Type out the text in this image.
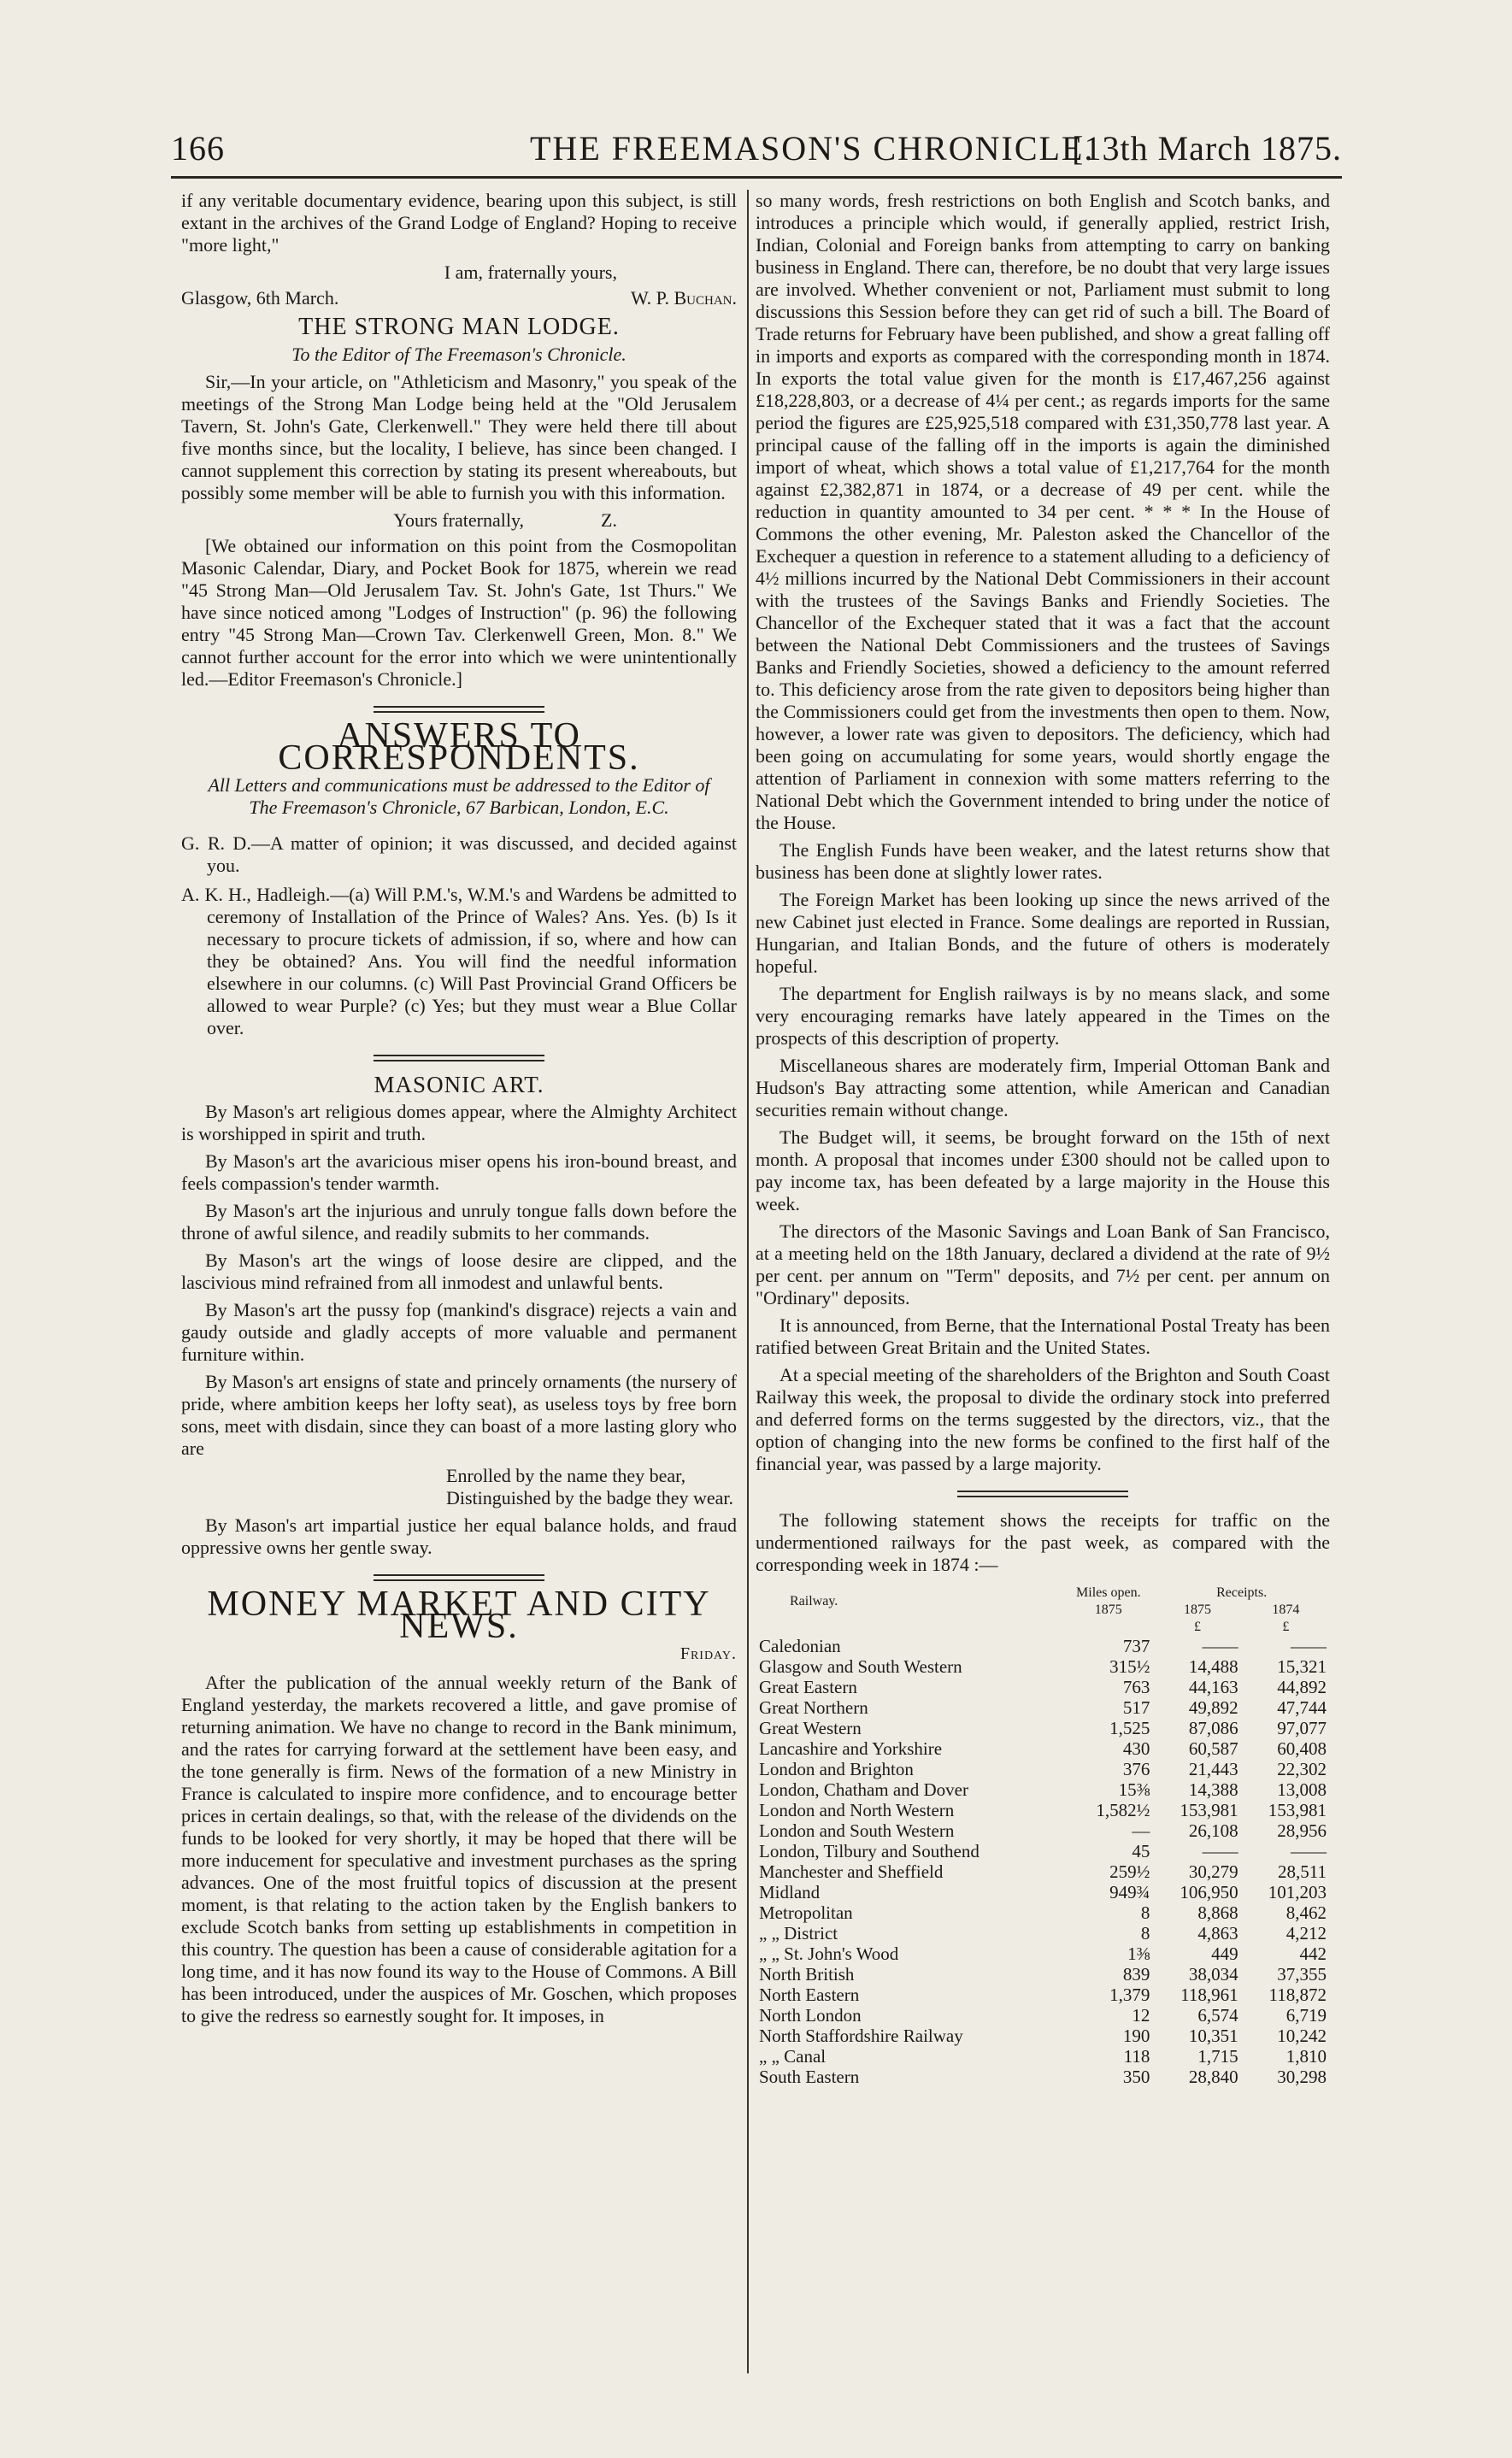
166	THE FREEMASON'S CHRONICLE.
[13th March 1875.

if any veritable documentary evidence, bearing upon this subject, is still extant in the archives of the Grand Lodge of England? Hoping to receive "more light,"

I am, fraternally yours,

Glasgow, 6th March.	W. P. Buchan.

THE STRONG MAN LODGE.

To the Editor of The Freemason's Chronicle.

Sir,—In your article, on "Athleticism and Masonry," you speak of the meetings of the Strong Man Lodge being held at the "Old Jerusalem Tavern, St. John's Gate, Clerkenwell." They were held there till about five months since, but the locality, I believe, has since been changed. I cannot supplement this correction by stating its present whereabouts, but possibly some member will be able to furnish you with this information.

Yours fraternally,	Z.

[We obtained our information on this point from the Cosmopolitan Masonic Calendar, Diary, and Pocket Book for 1875, wherein we read "45 Strong Man—Old Jerusalem Tav. St. John's Gate, 1st Thurs." We have since noticed among "Lodges of Instruction" (p. 96) the following entry "45 Strong Man—Crown Tav. Clerkenwell Green, Mon. 8." We cannot further account for the error into which we were unintentionally led.—Editor Freemason's Chronicle.]

ANSWERS TO CORRESPONDENTS.

All Letters and communications must be addressed to the Editor of

The Freemason's Chronicle, 67 Barbican, London, E.C.

G. R. D.—A matter of opinion; it was discussed, and decided against you.

A. K. H., Hadleigh.—(a) Will P.M.'s, W.M.'s and Wardens be admitted to ceremony of Installation of the Prince of Wales? Ans. Yes. (b) Is it necessary to procure tickets of admission, if so, where and how can they be obtained? Ans. You will find the needful information elsewhere in our columns. (c) Will Past Provincial Grand Officers be allowed to wear Purple? (c) Yes; but they must wear a Blue Collar over.

MASONIC ART.

By Mason's art religious domes appear, where the Almighty Architect is worshipped in spirit and truth.

By Mason's art the avaricious miser opens his iron-bound breast, and feels compassion's tender warmth.

By Mason's art the injurious and unruly tongue falls down before the throne of awful silence, and readily submits to her commands.

By Mason's art the wings of loose desire are clipped, and the lascivious mind refrained from all inmodest and unlawful bents.

By Mason's art the pussy fop (mankind's disgrace) rejects a vain and gaudy outside and gladly accepts of more valuable and permanent furniture within.

By Mason's art ensigns of state and princely ornaments (the nursery of pride, where ambition keeps her lofty seat), as useless toys by free born sons, meet with disdain, since they can boast of a more lasting glory who are

Enrolled by the name they bear,

Distinguished by the badge they wear.

By Mason's art impartial justice her equal balance holds, and fraud oppressive owns her gentle sway.

MONEY MARKET AND CITY NEWS.

Friday.

After the publication of the annual weekly return of the Bank of England yesterday, the markets recovered a little, and gave promise of returning animation. We have no change to record in the Bank minimum, and the rates for carrying forward at the settlement have been easy, and the tone generally is firm. News of the formation of a new Ministry in France is calculated to inspire more confidence, and to encourage better prices in certain dealings, so that, with the release of the dividends on the funds to be looked for very shortly, it may be hoped that there will be more inducement for speculative and investment purchases as the spring advances. One of the most fruitful topics of discussion at the present moment, is that relating to the action taken by the English bankers to exclude Scotch banks from setting up establishments in competition in this country. The question has been a cause of considerable agitation for a long time, and it has now found its way to the House of Commons. A Bill has been introduced, under the auspices of Mr. Goschen, which proposes to give the redress so earnestly sought for. It imposes, in

so many words, fresh restrictions on both English and Scotch banks, and introduces a principle which would, if generally applied, restrict Irish, Indian, Colonial and Foreign banks from attempting to carry on banking business in England. There can, therefore, be no doubt that very large issues are involved. Whether convenient or not, Parliament must submit to long discussions this Session before they can get rid of such a bill. The Board of Trade returns for February have been published, and show a great falling off in imports and exports as compared with the corresponding month in 1874. In exports the total value given for the month is £17,467,256 against £18,228,803, or a decrease of 4¼ per cent.; as regards imports for the same period the figures are £25,925,518 compared with £31,350,778 last year. A principal cause of the falling off in the imports is again the diminished import of wheat, which shows a total value of £1,217,764 for the month against £2,382,871 in 1874, or a decrease of 49 per cent. while the reduction in quantity amounted to 34 per cent. * * * In the House of Commons the other evening, Mr. Paleston asked the Chancellor of the Exchequer a question in reference to a statement alluding to a deficiency of 4½ millions incurred by the National Debt Commissioners in their account with the trustees of the Savings Banks and Friendly Societies. The Chancellor of the Exchequer stated that it was a fact that the account between the National Debt Commissioners and the trustees of Savings Banks and Friendly Societies, showed a deficiency to the amount referred to. This deficiency arose from the rate given to depositors being higher than the Commissioners could get from the investments then open to them. Now, however, a lower rate was given to depositors. The deficiency, which had been going on accumulating for some years, would shortly engage the attention of Parliament in connexion with some matters referring to the National Debt which the Government intended to bring under the notice of the House.

The English Funds have been weaker, and the latest returns show that business has been done at slightly lower rates.

The Foreign Market has been looking up since the news arrived of the new Cabinet just elected in France. Some dealings are reported in Russian, Hungarian, and Italian Bonds, and the future of others is moderately hopeful.

The department for English railways is by no means slack, and some very encouraging remarks have lately appeared in the Times on the prospects of this description of property.

Miscellaneous shares are moderately firm, Imperial Ottoman Bank and Hudson's Bay attracting some attention, while American and Canadian securities remain without change.

The Budget will, it seems, be brought forward on the 15th of next month. A proposal that incomes under £300 should not be called upon to pay income tax, has been defeated by a large majority in the House this week.

The directors of the Masonic Savings and Loan Bank of San Francisco, at a meeting held on the 18th January, declared a dividend at the rate of 9½ per cent. per annum on "Term" deposits, and 7½ per cent. per annum on "Ordinary" deposits.

It is announced, from Berne, that the International Postal Treaty has been ratified between Great Britain and the United States.

At a special meeting of the shareholders of the Brighton and South Coast Railway this week, the proposal to divide the ordinary stock into preferred and deferred forms on the terms suggested by the directors, viz., that the option of changing into the new forms be confined to the first half of the financial year, was passed by a large majority.

The following statement shows the receipts for traffic on the undermentioned railways for the past week, as compared with the corresponding week in 1874 :—

Railway.	Miles open.	Receipts.	
	1875	1875	1874
		£	£
Caledonian	737	——	——
Glasgow and South Western	315½	14,488	15,321
Great Eastern	763	44,163	44,892
Great Northern	517	49,892	47,744
Great Western	1,525	87,086	97,077
Lancashire and Yorkshire	430	60,587	60,408
London and Brighton	376	21,443	22,302
London, Chatham and Dover	15⅜	14,388	13,008
London and North Western	1,582½	153,981	153,981
London and South Western	—	26,108	28,956
London, Tilbury and Southend	45	——	——
Manchester and Sheffield	259½	30,279	28,511
Midland	949¾	106,950	101,203
Metropolitan	8	8,868	8,462
„ „ District	8	4,863	4,212
„ „ St. John's Wood	1⅜	449	442
North British	839	38,034	37,355
North Eastern	1,379	118,961	118,872
North London	12	6,574	6,719
North Staffordshire Railway	190	10,351	10,242
„ „ Canal	118	1,715	1,810
South Eastern	350	28,840	30,298
